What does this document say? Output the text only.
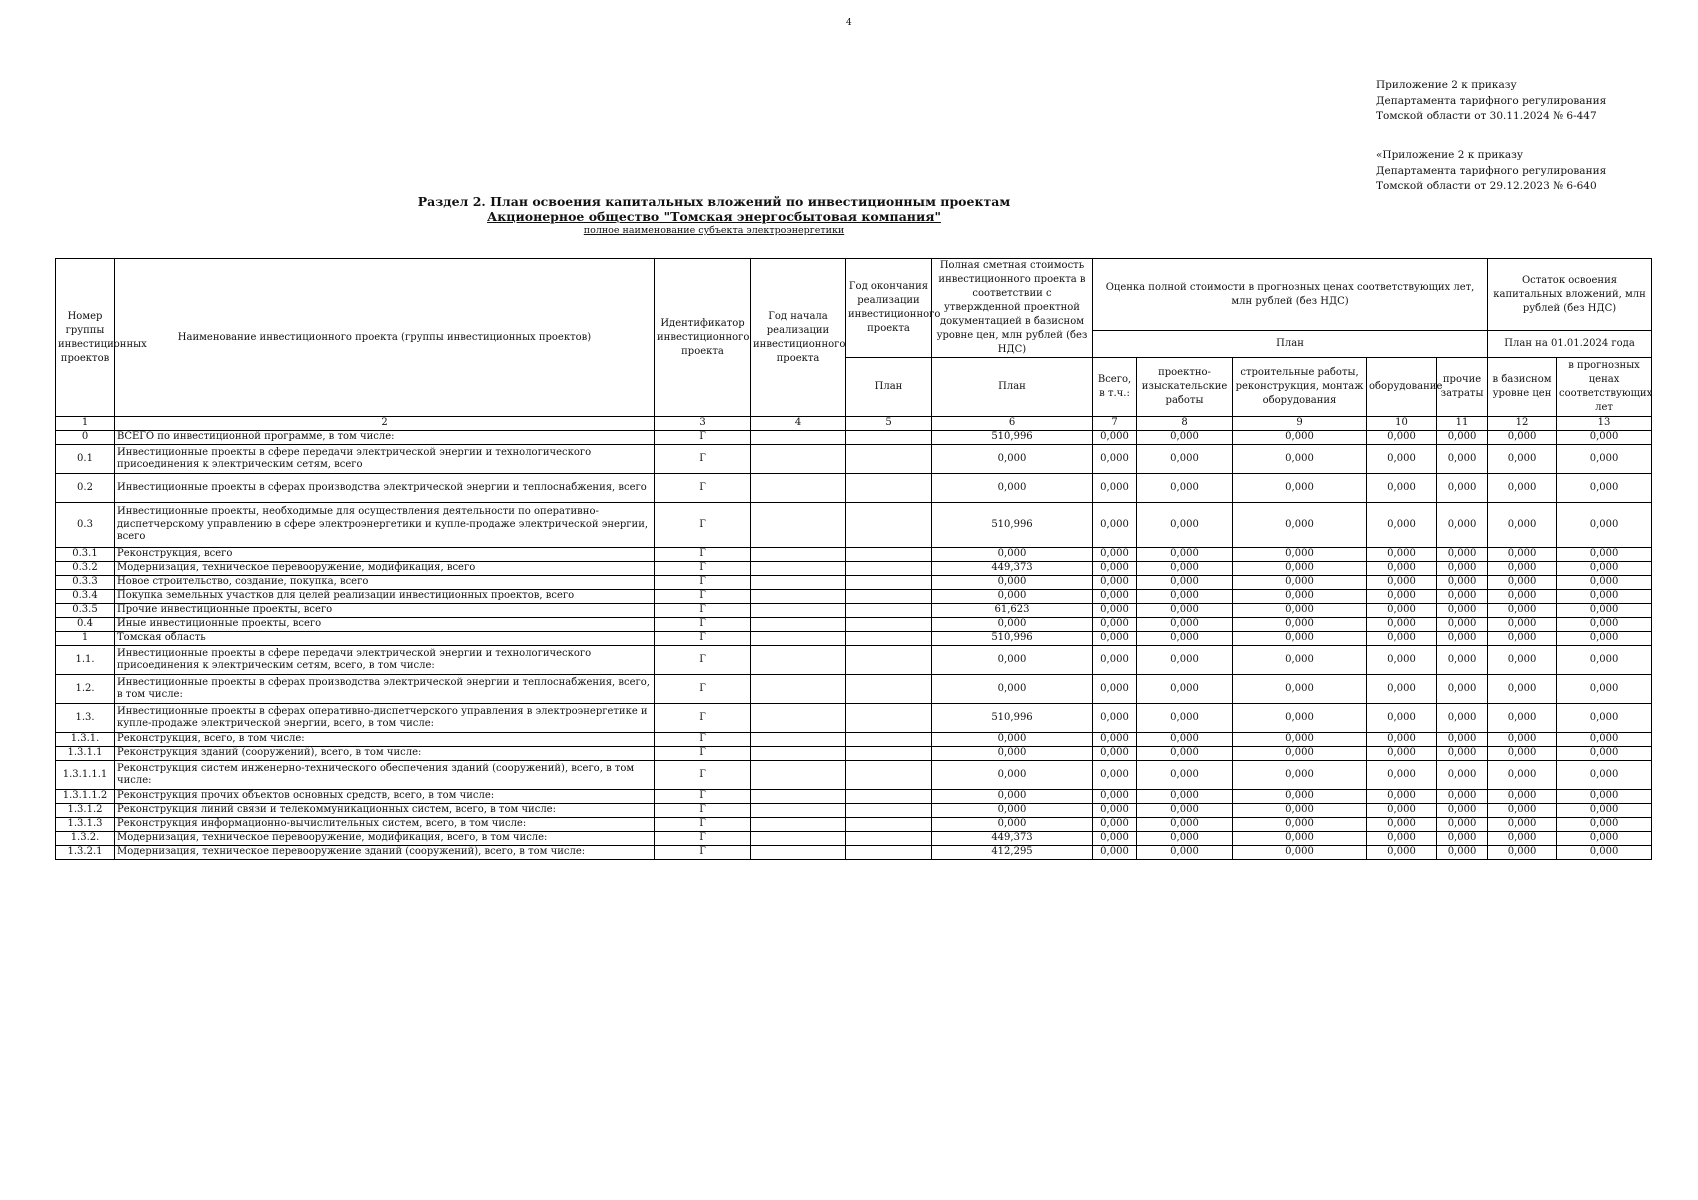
4
Приложение 2 к приказу
Департамента тарифного регулирования
Томской области от 30.11.2024 № 6-447
«Приложение 2 к приказу
Департамента тарифного регулирования
Томской области от 29.12.2023 № 6-640
Раздел 2. План освоения капитальных вложений по инвестиционным проектам
Акционерное общество "Томская энергосбытовая компания"
полное наименование субъекта электроэнергетики
Номер группы инвестиционных проектов	Наименование инвестиционного проекта (группы инвестиционных проектов)	Идентификатор инвестиционного проекта	Год начала реализации инвестиционного проекта	Год окончания реализации инвестиционного проекта	Полная сметная стоимость инвестиционного проекта в соответствии с утвержденной проектной документацией в базисном уровне цен, млн рублей (без НДС)	Оценка полной стоимости в прогнозных ценах соответствующих лет, млн рублей (без НДС)					Остаток освоения капитальных вложений, млн рублей (без НДС)	
						План					План на 01.01.2024 года	
				План	План	Всего, в т.ч.:	проектно-изыскательские работы	строительные работы, реконструкция, монтаж оборудования	оборудование	прочие затраты	в базисном уровне цен	в прогнозных ценах соответствующих лет
1	2	3	4	5	6	7	8	9	10	11	12	13
0	ВСЕГО по инвестиционной программе, в том числе:	Г			510,996	0,000	0,000	0,000	0,000	0,000	0,000	0,000
0.1	Инвестиционные проекты в сфере передачи электрической энергии и технологического присоединения к электрическим сетям, всего	Г			0,000	0,000	0,000	0,000	0,000	0,000	0,000	0,000
0.2	Инвестиционные проекты в сферах производства электрической энергии и теплоснабжения, всего	Г			0,000	0,000	0,000	0,000	0,000	0,000	0,000	0,000
0.3	Инвестиционные проекты, необходимые для осуществления деятельности по оперативно-диспетчерскому управлению в сфере электроэнергетики и купле-продаже электрической энергии, всего	Г			510,996	0,000	0,000	0,000	0,000	0,000	0,000	0,000
0.3.1	Реконструкция, всего	Г			0,000	0,000	0,000	0,000	0,000	0,000	0,000	0,000
0.3.2	Модернизация, техническое перевооружение, модификация, всего	Г			449,373	0,000	0,000	0,000	0,000	0,000	0,000	0,000
0.3.3	Новое строительство, создание, покупка, всего	Г			0,000	0,000	0,000	0,000	0,000	0,000	0,000	0,000
0.3.4	Покупка земельных участков для целей реализации инвестиционных проектов, всего	Г			0,000	0,000	0,000	0,000	0,000	0,000	0,000	0,000
0.3.5	Прочие инвестиционные проекты, всего	Г			61,623	0,000	0,000	0,000	0,000	0,000	0,000	0,000
0.4	Иные инвестиционные проекты, всего	Г			0,000	0,000	0,000	0,000	0,000	0,000	0,000	0,000
1	Томская область	Г			510,996	0,000	0,000	0,000	0,000	0,000	0,000	0,000
1.1.	Инвестиционные проекты в сфере передачи электрической энергии и технологического присоединения к электрическим сетям, всего, в том числе:	Г			0,000	0,000	0,000	0,000	0,000	0,000	0,000	0,000
1.2.	Инвестиционные проекты в сферах производства электрической энергии и теплоснабжения, всего, в том числе:	Г			0,000	0,000	0,000	0,000	0,000	0,000	0,000	0,000
1.3.	Инвестиционные проекты в сферах оперативно-диспетчерского управления в электроэнергетике и купле-продаже электрической энергии, всего, в том числе:	Г			510,996	0,000	0,000	0,000	0,000	0,000	0,000	0,000
1.3.1.	Реконструкция, всего, в том числе:	Г			0,000	0,000	0,000	0,000	0,000	0,000	0,000	0,000
1.3.1.1	Реконструкция зданий (сооружений), всего, в том числе:	Г			0,000	0,000	0,000	0,000	0,000	0,000	0,000	0,000
1.3.1.1.1	Реконструкция систем инженерно-технического обеспечения зданий (сооружений), всего, в том числе:	Г			0,000	0,000	0,000	0,000	0,000	0,000	0,000	0,000
1.3.1.1.2	Реконструкция прочих объектов основных средств, всего, в том числе:	Г			0,000	0,000	0,000	0,000	0,000	0,000	0,000	0,000
1.3.1.2	Реконструкция линий связи и телекоммуникационных систем, всего, в том числе:	Г			0,000	0,000	0,000	0,000	0,000	0,000	0,000	0,000
1.3.1.3	Реконструкция информационно-вычислительных систем, всего, в том числе:	Г			0,000	0,000	0,000	0,000	0,000	0,000	0,000	0,000
1.3.2.	Модернизация, техническое перевооружение, модификация, всего, в том числе:	Г			449,373	0,000	0,000	0,000	0,000	0,000	0,000	0,000
1.3.2.1	Модернизация, техническое перевооружение зданий (сооружений), всего, в том числе:	Г			412,295	0,000	0,000	0,000	0,000	0,000	0,000	0,000
